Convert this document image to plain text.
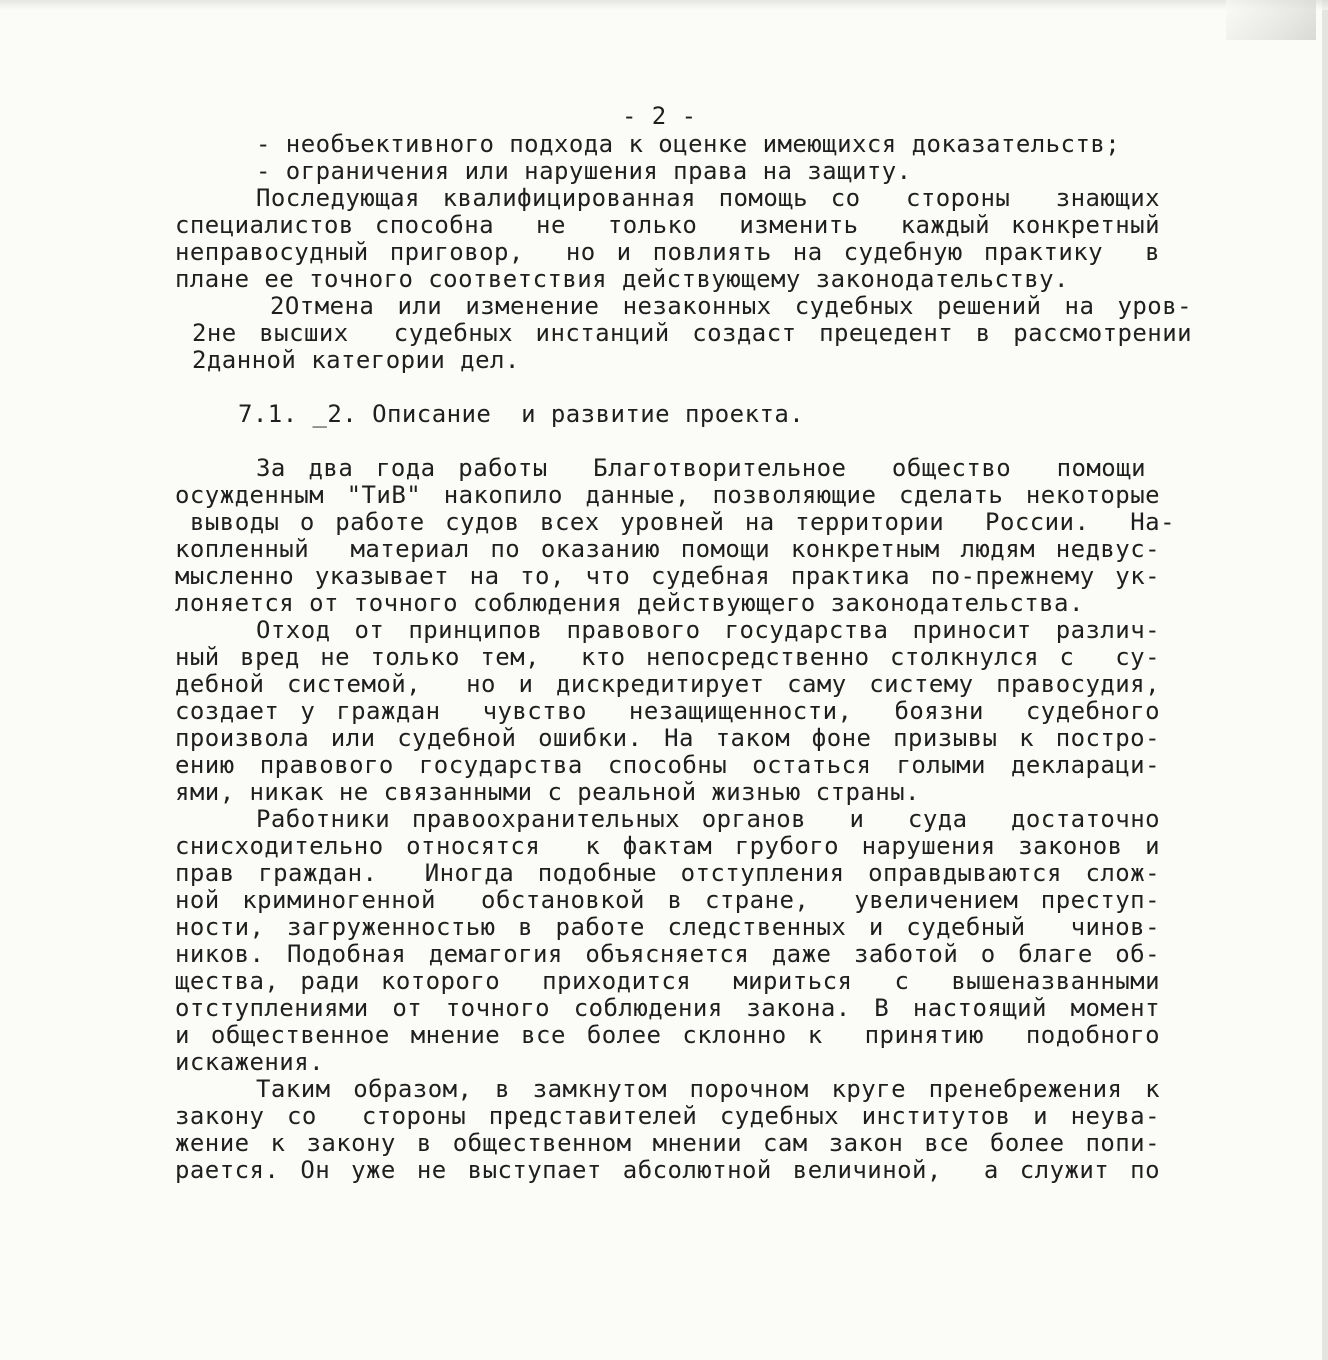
- 2 -

- необъективного подхода к оценке имеющихся доказательств;

- ограничения или нарушения права на защиту.

Последующая квалифицированная помощь со  стороны  знающих

специалистов способна  не  только  изменить  каждый конкретный

неправосудный приговор,  но и повлиять на судебную практику  в

плане ее точного соответствия действующему законодательству.

2Отмена или изменение незаконных судебных решений на уров-

2не высших  судебных инстанций создаст прецедент в рассмотрении

2данной категории дел.

7.1. _2. Описание  и развитие проекта.

За два года работы  Благотворительное  общество  помощи

осужденным "ТиВ" накопило данные, позволяющие сделать некоторые

выводы о работе судов всех уровней на территории  России.  На-

копленный  материал по оказанию помощи конкретным людям недвус-

мысленно указывает на то, что судебная практика по-прежнему ук-

лоняется от точного соблюдения действующего законодательства.

Отход от принципов правового государства приносит различ-

ный вред не только тем,  кто непосредственно столкнулся с  су-

дебной системой,  но и дискредитирует саму систему правосудия,

создает у граждан  чувство  незащищенности,  боязни  судебного

произвола или судебной ошибки. На таком фоне призывы к постро-

ению правового государства способны остаться голыми деклараци-

ями, никак не связанными с реальной жизнью страны.

Работники правоохранительных органов  и  суда  достаточно

снисходительно относятся  к фактам грубого нарушения законов и

прав граждан.  Иногда подобные отступления оправдываются слож-

ной криминогенной  обстановкой в стране,  увеличением преступ-

ности, загруженностью в работе следственных и судебный  чинов-

ников. Подобная демагогия объясняется даже заботой о благе об-

щества, ради которого  приходится  мириться  с  вышеназванными

отступлениями от точного соблюдения закона. В настоящий момент

и общественное мнение все более склонно к  принятию  подобного

искажения.

Таким образом, в замкнутом порочном круге пренебрежения к

закону со  стороны представителей судебных институтов и неува-

жение к закону в общественном мнении сам закон все более попи-

рается. Он уже не выступает абсолютной величиной,  а служит по
